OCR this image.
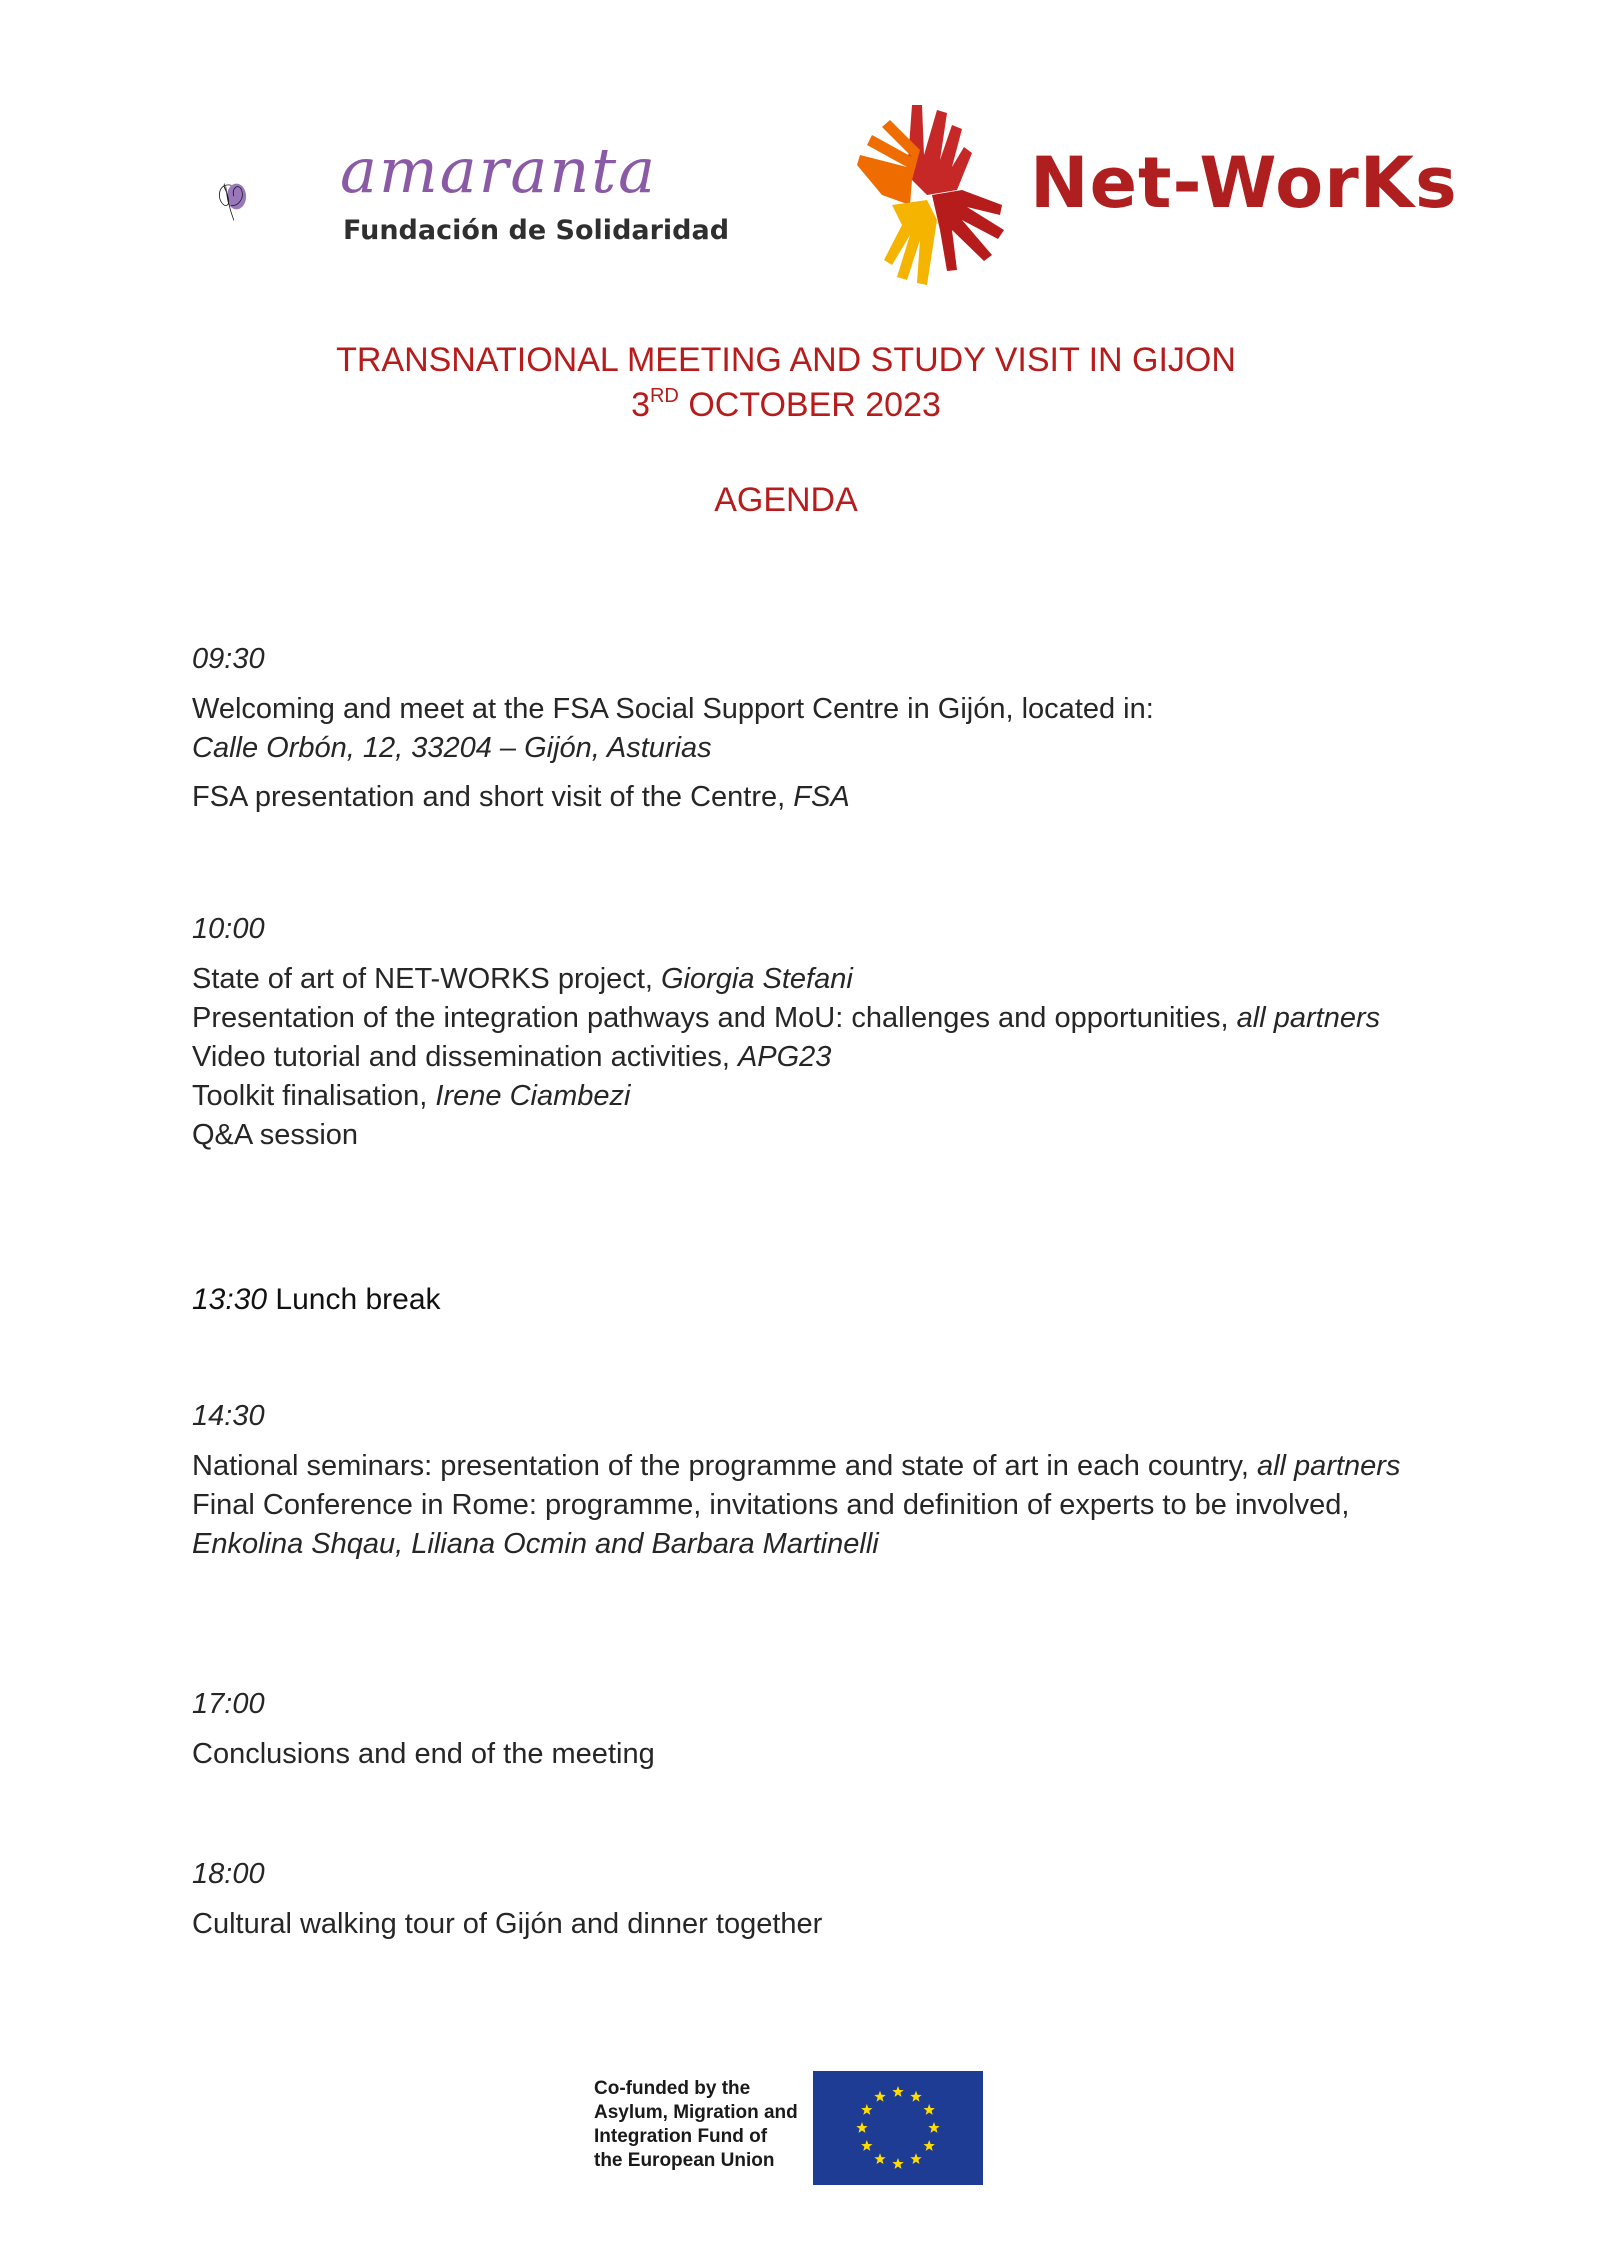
amaranta
Fundación de Solidaridad
Net-WorKs
TRANSNATIONAL MEETING AND STUDY VISIT IN GIJON
3RD OCTOBER 2023
AGENDA
09:30

Welcoming and meet at the FSA Social Support Centre in Gijón, located in:

Calle Orbón, 12, 33204 – Gijón, Asturias

FSA presentation and short visit of the Centre, FSA

10:00

State of art of NET-WORKS project, Giorgia Stefani

Presentation of the integration pathways and MoU: challenges and opportunities, all partners

Video tutorial and dissemination activities, APG23

Toolkit finalisation, Irene Ciambezi

Q&A session

13:30 Lunch break
14:30

National seminars: presentation of the programme and state of art in each country, all partners

Final Conference in Rome: programme, invitations and definition of experts to be involved, Enkolina Shqau, Liliana Ocmin and Barbara Martinelli

17:00

Conclusions and end of the meeting

18:00

Cultural walking tour of Gijón and dinner together

Co-funded by the
Asylum, Migration and
Integration Fund of
the European Union
